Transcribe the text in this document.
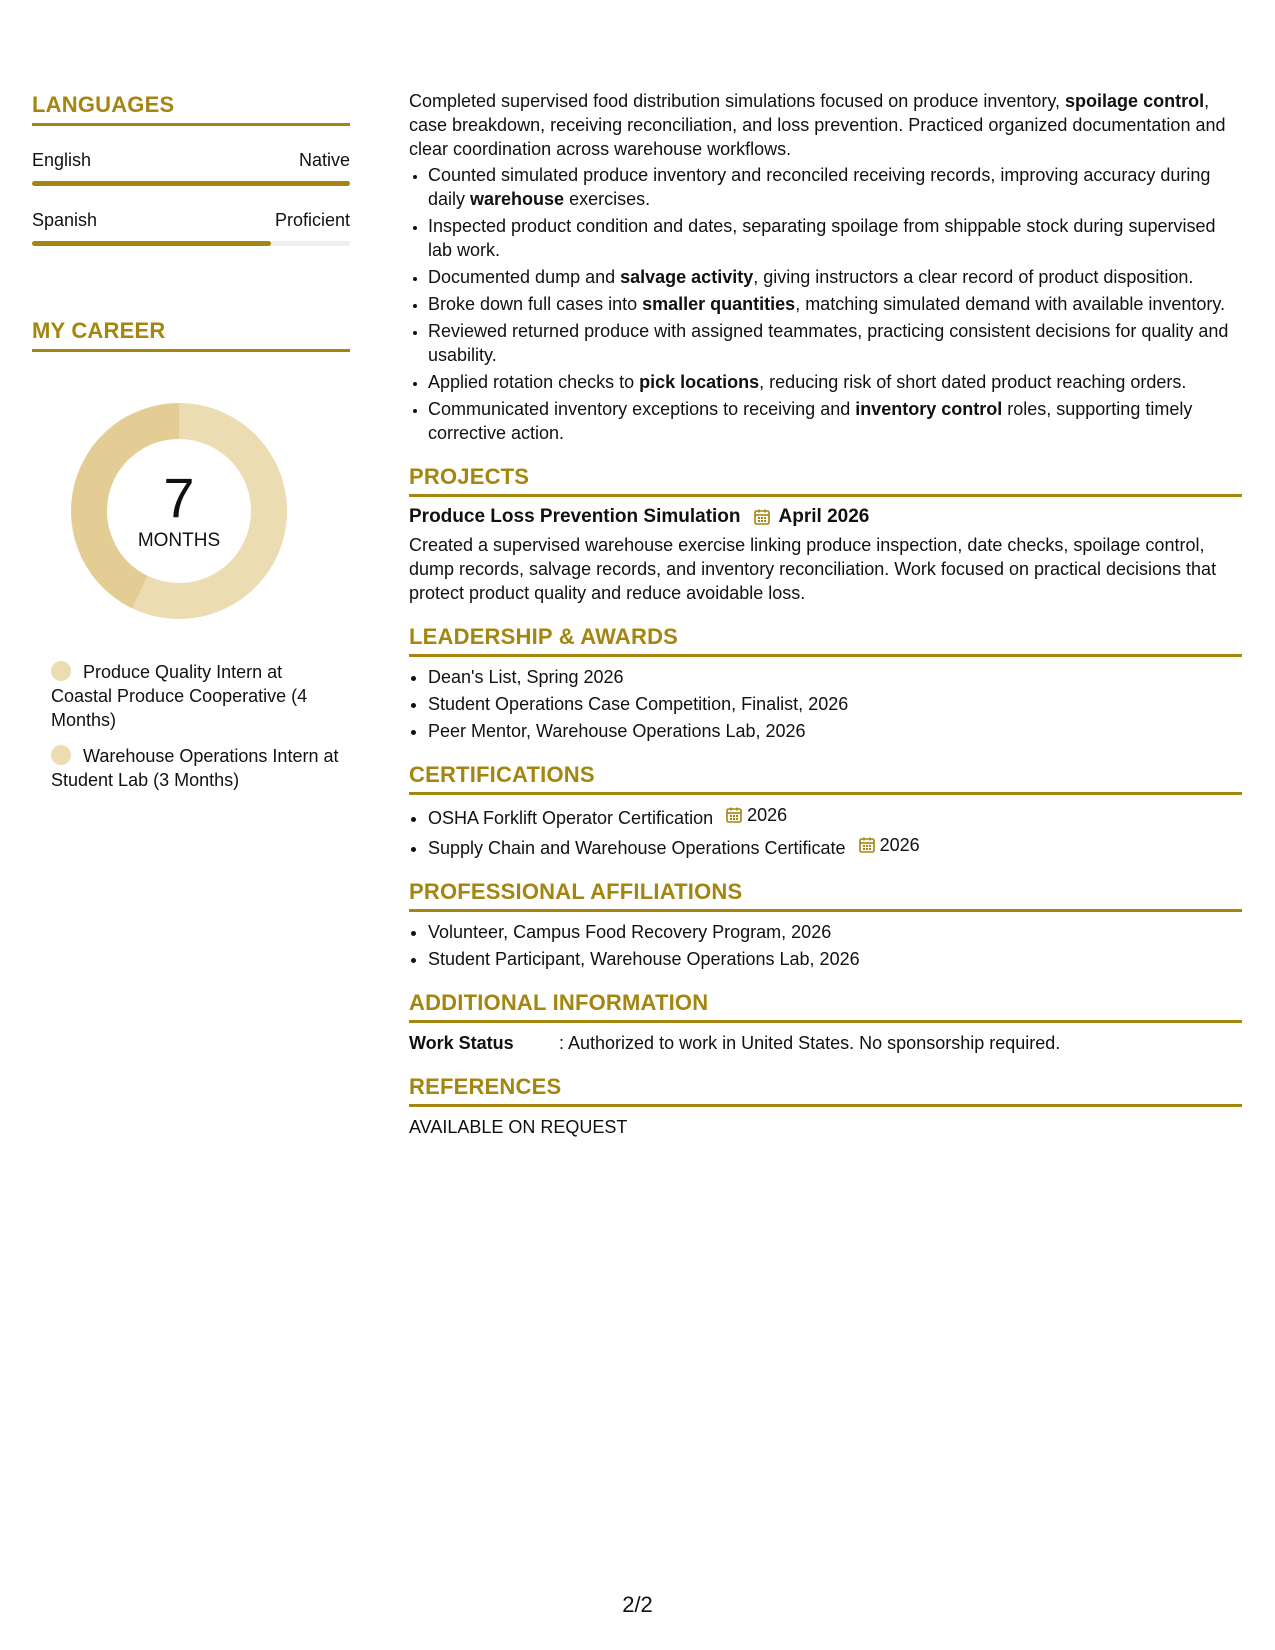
LANGUAGES
English	Native
Spanish	Proficient
MY CAREER
7
MONTHS
Produce Quality Intern at Coastal Produce Cooperative (4 Months)
Warehouse Operations Intern at Student Lab (3 Months)

Completed supervised food distribution simulations focused on produce inventory, spoilage control, case breakdown, receiving reconciliation, and loss prevention. Practiced organized documentation and clear coordination across warehouse workflows.

• Counted simulated produce inventory and reconciled receiving records, improving accuracy during daily warehouse exercises.
• Inspected product condition and dates, separating spoilage from shippable stock during supervised lab work.
• Documented dump and salvage activity, giving instructors a clear record of product disposition.
• Broke down full cases into smaller quantities, matching simulated demand with available inventory.
• Reviewed returned produce with assigned teammates, practicing consistent decisions for quality and usability.
• Applied rotation checks to pick locations, reducing risk of short dated product reaching orders.
• Communicated inventory exceptions to receiving and inventory control roles, supporting timely corrective action.
PROJECTS
Produce Loss Prevention Simulation April 2026
Created a supervised warehouse exercise linking produce inspection, date checks, spoilage control, dump records, salvage records, and inventory reconciliation. Work focused on practical decisions that protect product quality and reduce avoidable loss.
LEADERSHIP & AWARDS
• Dean's List, Spring 2026
• Student Operations Case Competition, Finalist, 2026
• Peer Mentor, Warehouse Operations Lab, 2026
CERTIFICATIONS
• OSHA Forklift Operator Certification 2026
• Supply Chain and Warehouse Operations Certificate 2026
PROFESSIONAL AFFILIATIONS
• Volunteer, Campus Food Recovery Program, 2026
• Student Participant, Warehouse Operations Lab, 2026
ADDITIONAL INFORMATION
Work Status	: Authorized to work in United States. No sponsorship required.
REFERENCES
AVAILABLE ON REQUEST
2/2
